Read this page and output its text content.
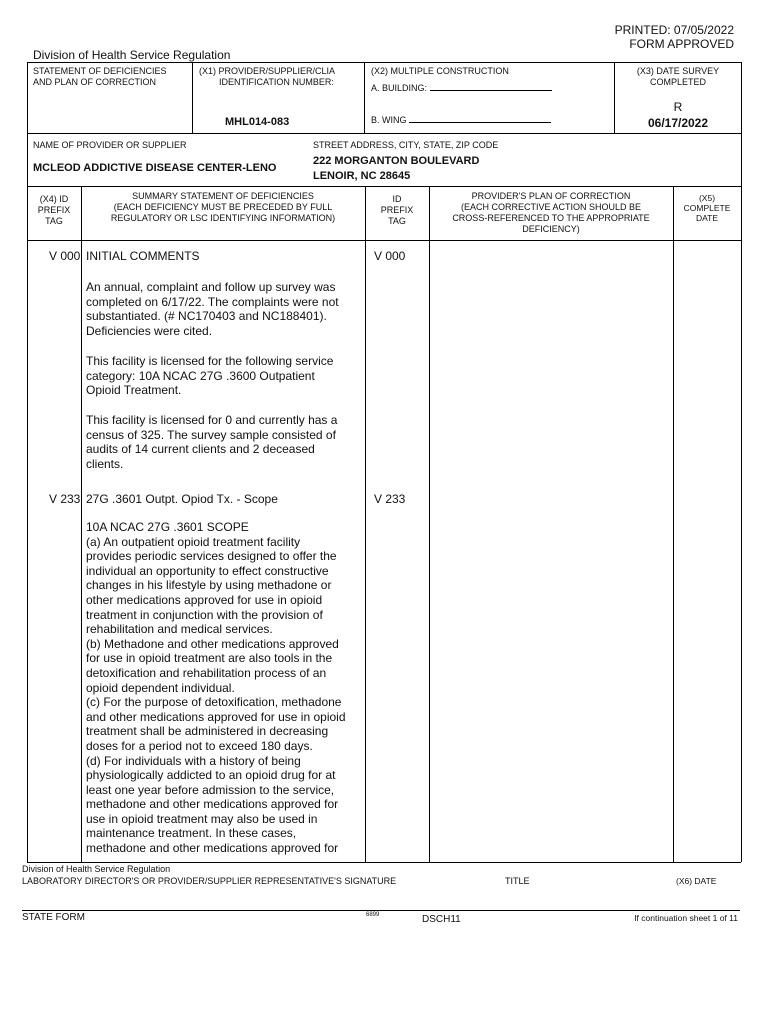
PRINTED: 07/05/2022
FORM APPROVED
Division of Health Service Regulation
STATEMENT OF DEFICIENCIES
AND PLAN OF CORRECTION
(X1) PROVIDER/SUPPLIER/CLIA
IDENTIFICATION NUMBER:
MHL014-083
(X2) MULTIPLE CONSTRUCTION
A. BUILDING:
B. WING
(X3) DATE SURVEY
COMPLETED
R
06/17/2022
NAME OF PROVIDER OR SUPPLIER
MCLEOD ADDICTIVE DISEASE CENTER-LENO
STREET ADDRESS, CITY, STATE, ZIP CODE
222 MORGANTON BOULEVARD
LENOIR, NC 28645
(X4) ID
PREFIX
TAG
SUMMARY STATEMENT OF DEFICIENCIES
(EACH DEFICIENCY MUST BE PRECEDED BY FULL
REGULATORY OR LSC IDENTIFYING INFORMATION)
ID
PREFIX
TAG
PROVIDER'S PLAN OF CORRECTION
(EACH CORRECTIVE ACTION SHOULD BE
CROSS-REFERENCED TO THE APPROPRIATE
DEFICIENCY)
(X5)
COMPLETE
DATE
V 000 INITIAL COMMENTS	V 000
An annual, complaint and follow up survey was
completed on 6/17/22. The complaints were not
substantiated. (# NC170403 and NC188401).
Deficiencies were cited.
This facility is licensed for the following service
category: 10A NCAC 27G .3600 Outpatient
Opioid Treatment.
This facility is licensed for 0 and currently has a
census of 325. The survey sample consisted of
audits of 14 current clients and 2 deceased
clients.
V 233 27G .3601 Outpt. Opiod Tx. - Scope	V 233
10A NCAC 27G .3601 SCOPE
(a) An outpatient opioid treatment facility
provides periodic services designed to offer the
individual an opportunity to effect constructive
changes in his lifestyle by using methadone or
other medications approved for use in opioid
treatment in conjunction with the provision of
rehabilitation and medical services.
(b) Methadone and other medications approved
for use in opioid treatment are also tools in the
detoxification and rehabilitation process of an
opioid dependent individual.
(c) For the purpose of detoxification, methadone
and other medications approved for use in opioid
treatment shall be administered in decreasing
doses for a period not to exceed 180 days.
(d) For individuals with a history of being
physiologically addicted to an opioid drug for at
least one year before admission to the service,
methadone and other medications approved for
use in opioid treatment may also be used in
maintenance treatment. In these cases,
methadone and other medications approved for
Division of Health Service Regulation
LABORATORY DIRECTOR'S OR PROVIDER/SUPPLIER REPRESENTATIVE'S SIGNATURE	TITLE	(X6) DATE
STATE FORM	6899	DSCH11	If continuation sheet 1 of 11
